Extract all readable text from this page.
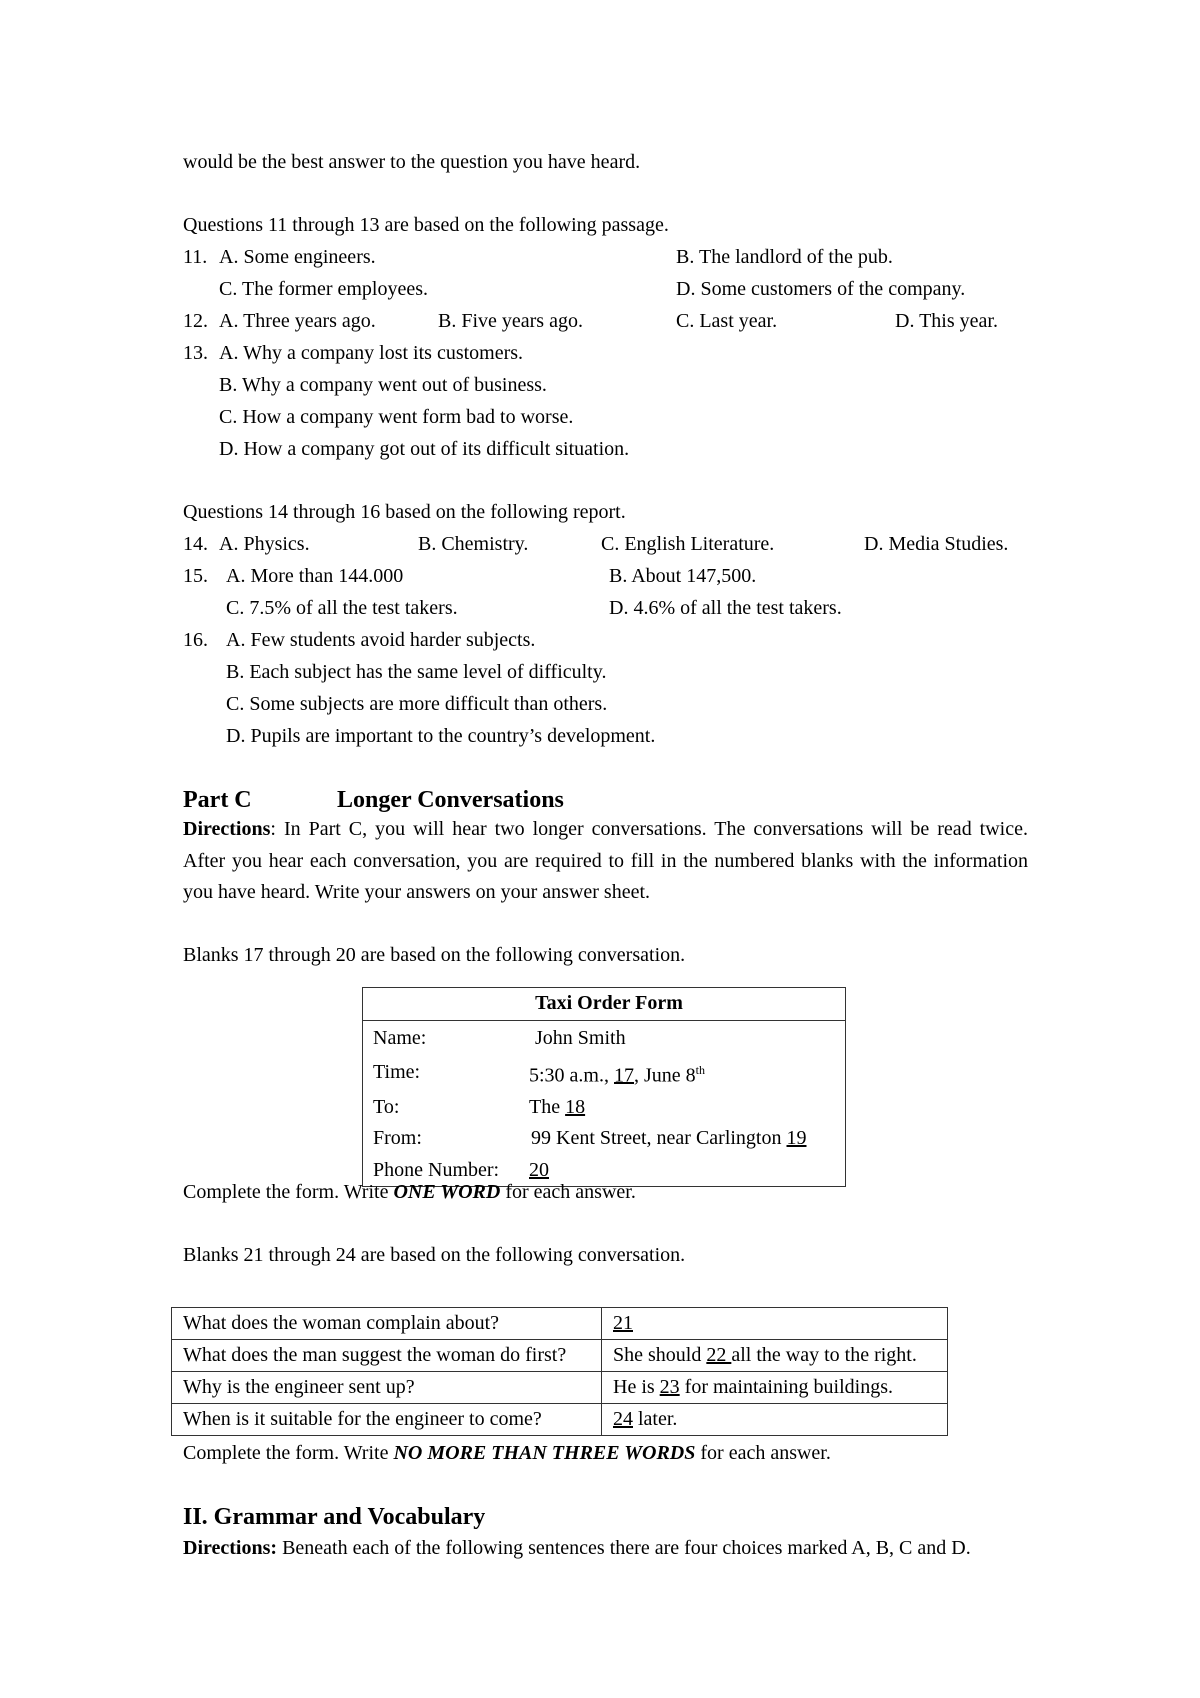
would be the best answer to the question you have heard.
Questions 11 through 13 are based on the following passage.
11. A. Some engineers.	B. The landlord of the pub.
C. The former employees.	D. Some customers of the company.
12. A. Three years ago.	B. Five years ago.	C. Last year.	D. This year.
13. A. Why a company lost its customers.
B. Why a company went out of business.
C. How a company went form bad to worse.
D. How a company got out of its difficult situation.
Questions 14 through 16 based on the following report.
14. A. Physics.	B. Chemistry.	C. English Literature.	D. Media Studies.
15. A. More than 144.000	B. About 147,500.
C. 7.5% of all the test takers.	D. 4.6% of all the test takers.
16. A. Few students avoid harder subjects.
B. Each subject has the same level of difficulty.
C. Some subjects are more difficult than others.
D. Pupils are important to the country’s development.
Part C	Longer Conversations
Directions: In Part C, you will hear two longer conversations. The conversations will be read twice. After you hear each conversation, you are required to fill in the numbered blanks with the information you have heard. Write your answers on your answer sheet.
Blanks 17 through 20 are based on the following conversation.
Taxi Order Form	
Name:	John Smith
Time:	5:30 a.m., 17, June 8th
To:	The 18
From:	99 Kent Street, near Carlington 19
Phone Number:	20
Complete the form. Write ONE WORD for each answer.
Blanks 21 through 24 are based on the following conversation.
What does the woman complain about?	21
What does the man suggest the woman do first?	She should 22 all the way to the right.
Why is the engineer sent up?	He is 23 for maintaining buildings.
When is it suitable for the engineer to come?	24 later.
Complete the form. Write NO MORE THAN THREE WORDS for each answer.
II. Grammar and Vocabulary
Directions: Beneath each of the following sentences there are four choices marked A, B, C and D.
